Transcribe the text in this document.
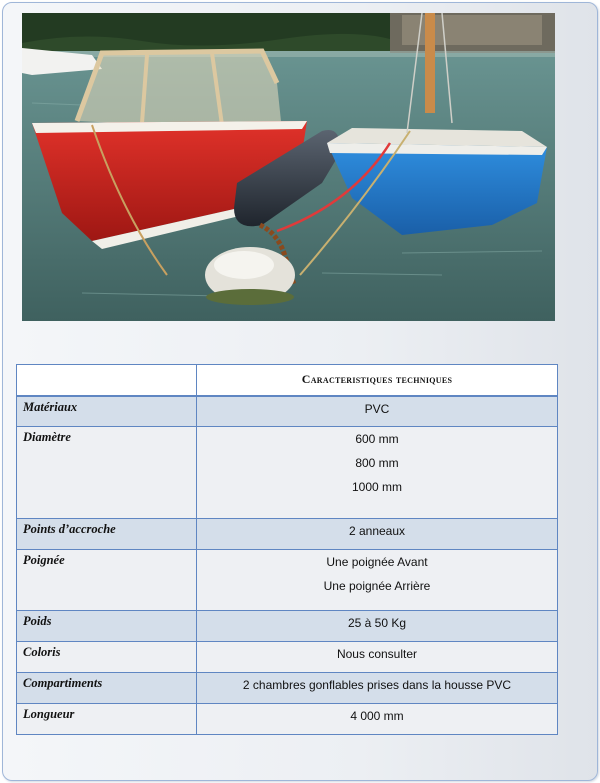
	Caracteristiques techniques
Matériaux	PVC

Diamètre	600 mm
800 mm
1000 mm

Points d’accroche	2 anneaux

Poignée	Une poignée Avant
Une poignée Arrière

Poids	25 à 50 Kg

Coloris	Nous consulter

Compartiments	2 chambres gonflables prises dans la housse PVC

Longueur	4 000 mm
